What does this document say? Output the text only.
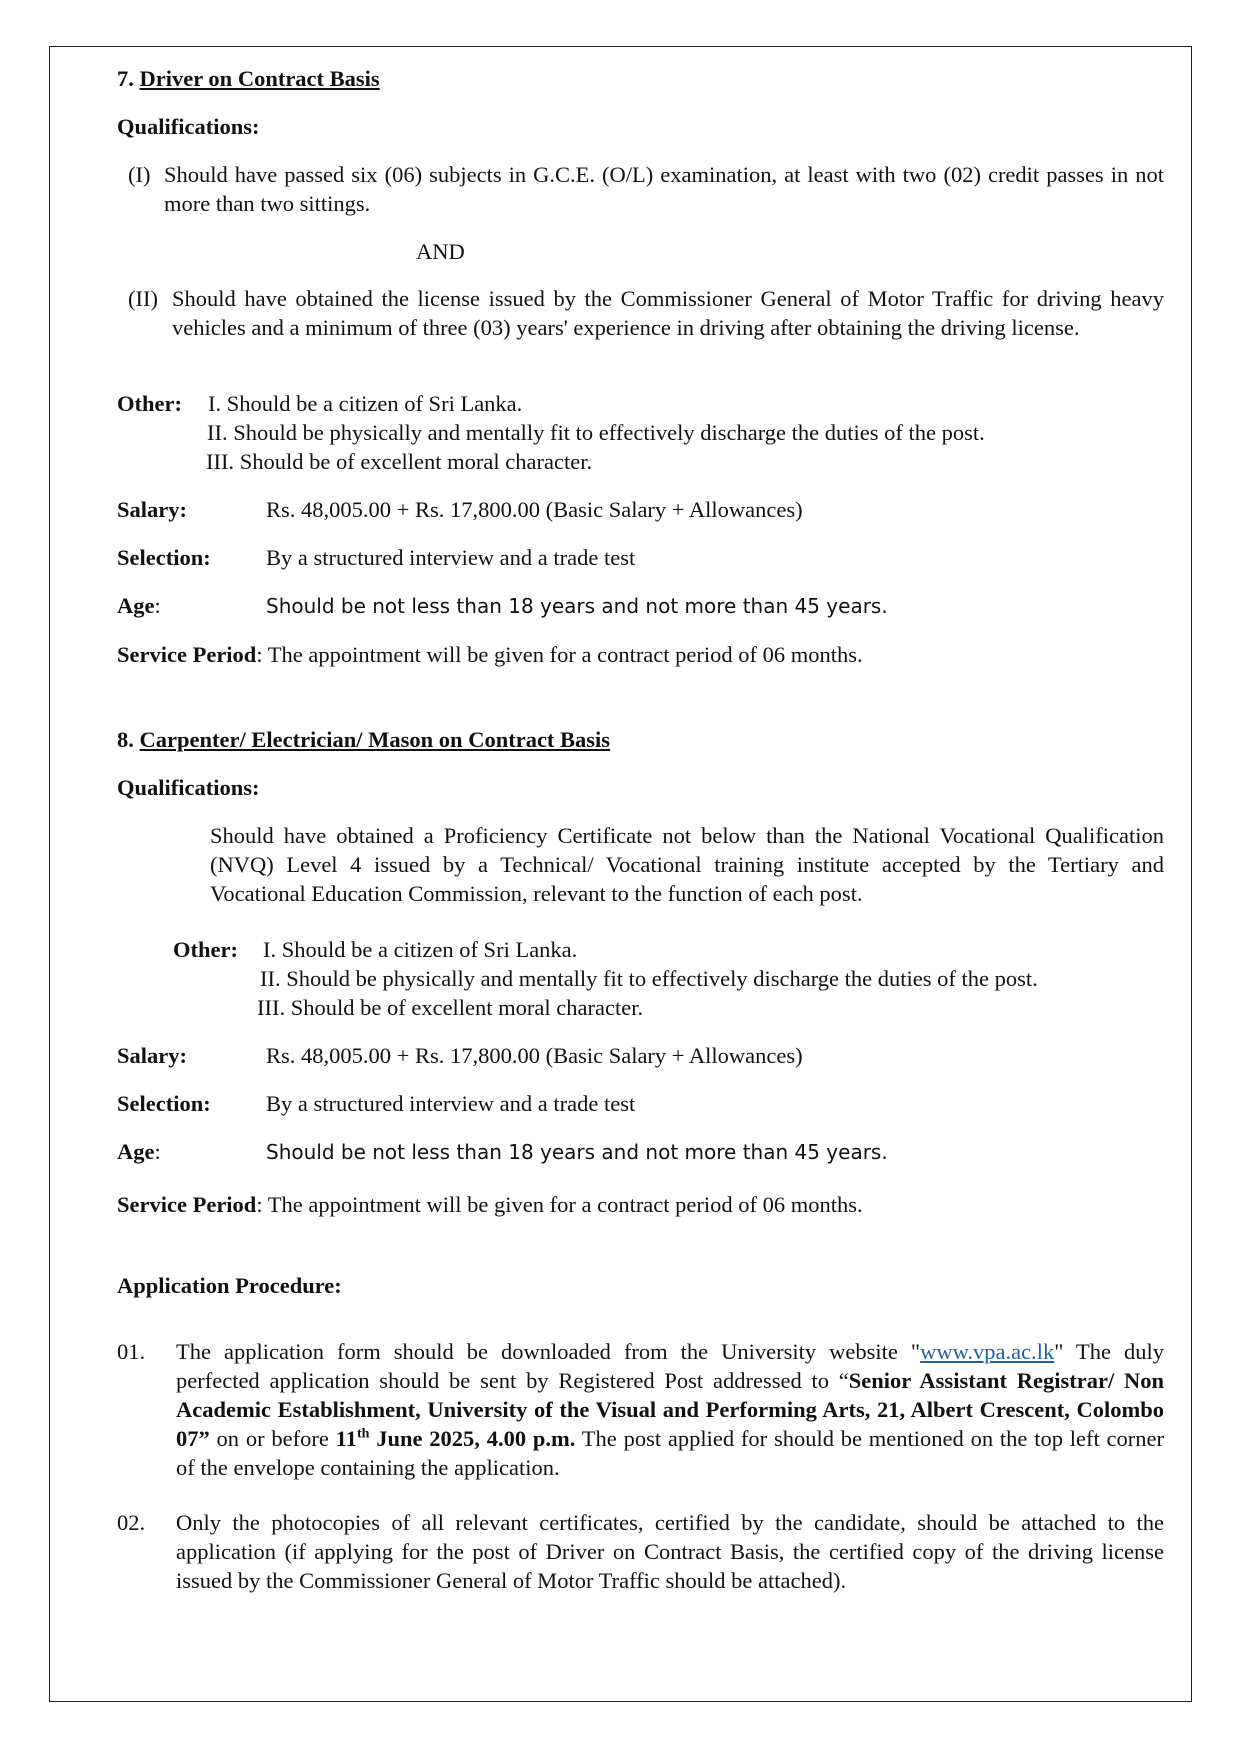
7. Driver on Contract Basis
Qualifications:
(I) Should have passed six (06) subjects in G.C.E. (O/L) examination, at least with two (02) credit passes in not more than two sittings.
AND
(II) Should have obtained the license issued by the Commissioner General of Motor Traffic for driving heavy vehicles and a minimum of three (03) years' experience in driving after obtaining the driving license.
Other: I. Should be a citizen of Sri Lanka.
II. Should be physically and mentally fit to effectively discharge the duties of the post.
III. Should be of excellent moral character.
Salary:	Rs. 48,005.00 + Rs. 17,800.00 (Basic Salary + Allowances)
Selection: By a structured interview and a trade test
Age:	Should be not less than 18 years and not more than 45 years.
Service Period: The appointment will be given for a contract period of 06 months.
8. Carpenter/ Electrician/ Mason on Contract Basis
Qualifications:
Should have obtained a Proficiency Certificate not below than the National Vocational Qualification (NVQ) Level 4 issued by a Technical/ Vocational training institute accepted by the Tertiary and Vocational Education Commission, relevant to the function of each post.
Other: I. Should be a citizen of Sri Lanka.
II. Should be physically and mentally fit to effectively discharge the duties of the post.
III. Should be of excellent moral character.
Salary:	Rs. 48,005.00 + Rs. 17,800.00 (Basic Salary + Allowances)
Selection: By a structured interview and a trade test
Age:	Should be not less than 18 years and not more than 45 years.
Service Period: The appointment will be given for a contract period of 06 months.
Application Procedure:
01. The application form should be downloaded from the University website "www.vpa.ac.lk" The duly perfected application should be sent by Registered Post addressed to “Senior Assistant Registrar/ Non Academic Establishment, University of the Visual and Performing Arts, 21, Albert Crescent, Colombo 07” on or before 11th June 2025, 4.00 p.m. The post applied for should be mentioned on the top left corner of the envelope containing the application.
02. Only the photocopies of all relevant certificates, certified by the candidate, should be attached to the application (if applying for the post of Driver on Contract Basis, the certified copy of the driving license issued by the Commissioner General of Motor Traffic should be attached).
